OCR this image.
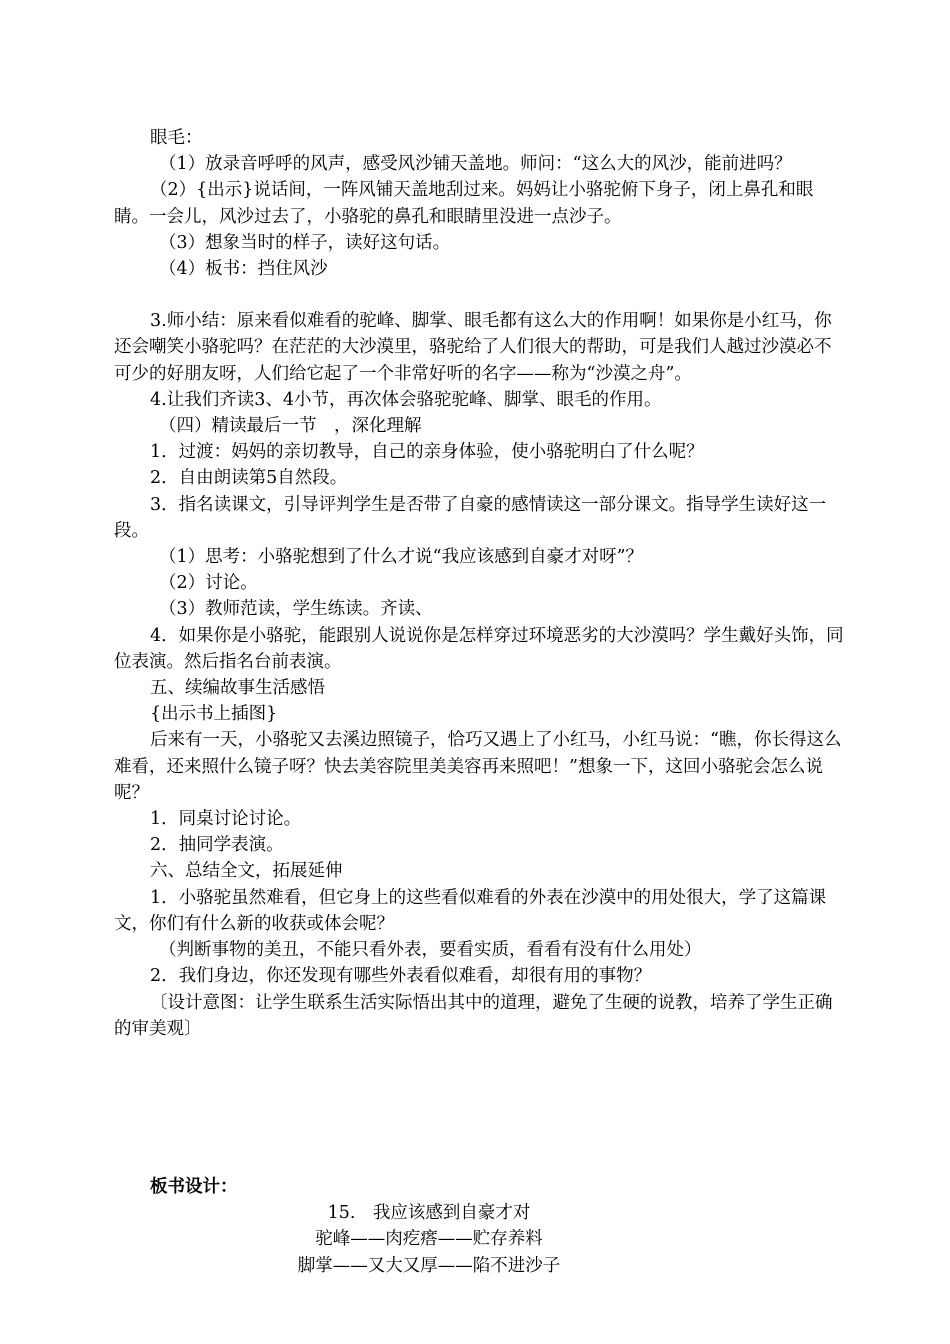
眼毛：

（1）放录音呼呼的风声，感受风沙铺天盖地。师问：“这么大的风沙，能前进吗？

（2）{出示}说话间，一阵风铺天盖地刮过来。妈妈让小骆驼俯下身子，闭上鼻孔和眼睛。一会儿，风沙过去了，小骆驼的鼻孔和眼睛里没进一点沙子。

（3）想象当时的样子，读好这句话。

（4）板书：挡住风沙

3.师小结：原来看似难看的驼峰、脚掌、眼毛都有这么大的作用啊！如果你是小红马，你还会嘲笑小骆驼吗？在茫茫的大沙漠里，骆驼给了人们很大的帮助，可是我们人越过沙漠必不可少的好朋友呀，人们给它起了一个非常好听的名字——称为“沙漠之舟”。

4.让我们齐读3、4小节，再次体会骆驼驼峰、脚掌、眼毛的作用。

（四）精读最后一节　，深化理解

1．过渡：妈妈的亲切教导，自己的亲身体验，使小骆驼明白了什么呢？

2．自由朗读第5自然段。

3．指名读课文，引导评判学生是否带了自豪的感情读这一部分课文。指导学生读好这一段。

（1）思考：小骆驼想到了什么才说“我应该感到自豪才对呀”？

（2）讨论。

（3）教师范读，学生练读。齐读、

4．如果你是小骆驼，能跟别人说说你是怎样穿过环境恶劣的大沙漠吗？学生戴好头饰，同位表演。然后指名台前表演。

五、续编故事生活感悟

{出示书上插图}

后来有一天，小骆驼又去溪边照镜子，恰巧又遇上了小红马，小红马说：“瞧，你长得这么难看，还来照什么镜子呀？快去美容院里美美容再来照吧！”想象一下，这回小骆驼会怎么说呢？

1．同桌讨论讨论。

2．抽同学表演。

六、总结全文，拓展延伸

1．小骆驼虽然难看，但它身上的这些看似难看的外表在沙漠中的用处很大，学了这篇课文，你们有什么新的收获或体会呢？

（判断事物的美丑，不能只看外表，要看实质，看看有没有什么用处）

2．我们身边，你还发现有哪些外表看似难看，却很有用的事物？

〔设计意图：让学生联系生活实际悟出其中的道理，避免了生硬的说教，培养了学生正确的审美观〕

板书设计：

15.　我应该感到自豪才对

驼峰——肉疙瘩——贮存养料

脚掌——又大又厚——陷不进沙子
